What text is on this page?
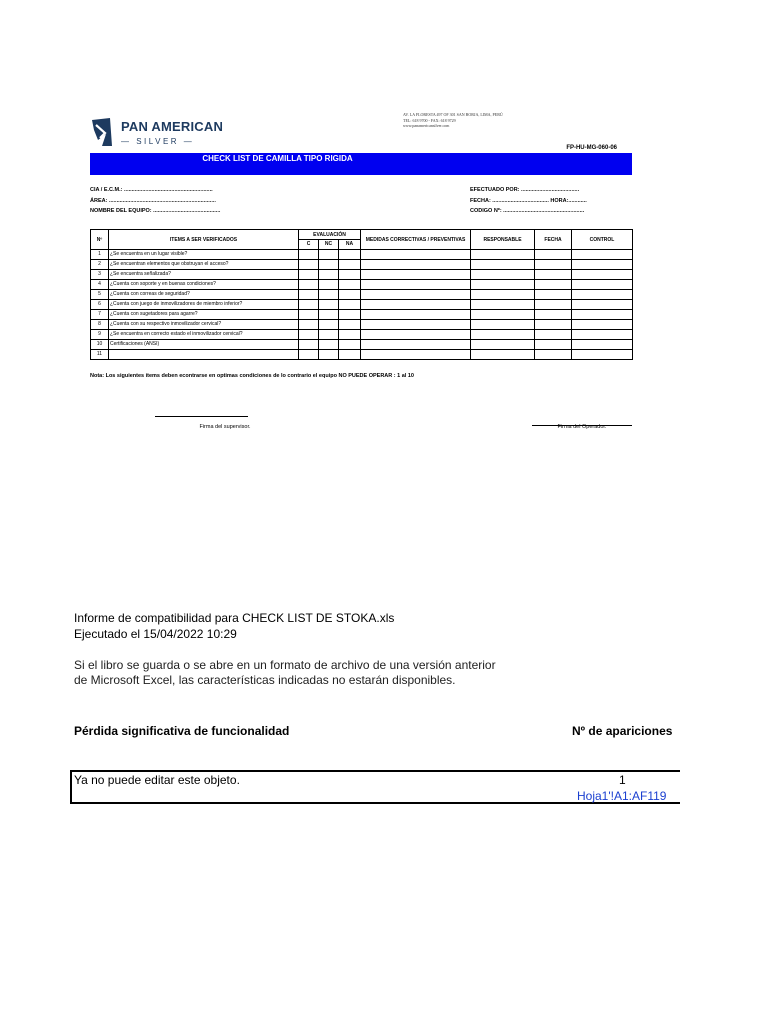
PAN AMERICAN
— SILVER —
AV. LA FLORESTA 497 OF 301 SAN BORJA, LIMA, PERÚ
TEL: 618 9700 - FAX: 618 9729
www.panamericansilver.com
FP-HU-MG-060-06
CHECK LIST DE CAMILLA TIPO RIGIDA
CIA / E.C.M.: ..........................................................
ÁREA: ......................................................................
NOMBRE DEL EQUIPO: ............................................
EFECTUADO POR: ......................................
FECHA: ..................................... HORA:............
CODIGO Nº: .....................................................
Nº	ITEMS A SER VERIFICADOS	EVALUACIÓN			MEDIDAS CORRECTIVAS / PREVENTIVAS	RESPONSABLE	FECHA	CONTROL
		C	NC	NA				
1	¿Se encuentra en un lugar visible?							
2	¿Se encuentran elementos que obstruyan el acceso?							
3	¿Se encuentra señalizada?							
4	¿Cuenta con soporte y en buenas condiciones?							
5	¿Cuenta con correas de seguridad?							
6	¿Cuenta con juego de inmovilizadores de miembro inferior?							
7	¿Cuenta con sugetadores para agarre?							
8	¿Cuenta con su respectivo inmovilizador cervical?							
9	¿Se encuentra en correcto estado el inmovilizador cervical?							
10	Certificaciones (ANSI)							
11								
Nota: Los siguientes ítems deben econtrarse en optimas condiciones de lo contrario el equipo NO PUEDE OPERAR : 1 al 10
Firma del supervisor.	Firma del Operador.
Informe de compatibilidad para CHECK LIST DE STOKA.xls
Ejecutado el 15/04/2022 10:29
Si el libro se guarda o se abre en un formato de archivo de una versión anterior
de Microsoft Excel, las características indicadas no estarán disponibles.
Pérdida significativa de funcionalidad	Nº de apariciones
Ya no puede editar este objeto.	1
Hoja1'!A1:AF119
